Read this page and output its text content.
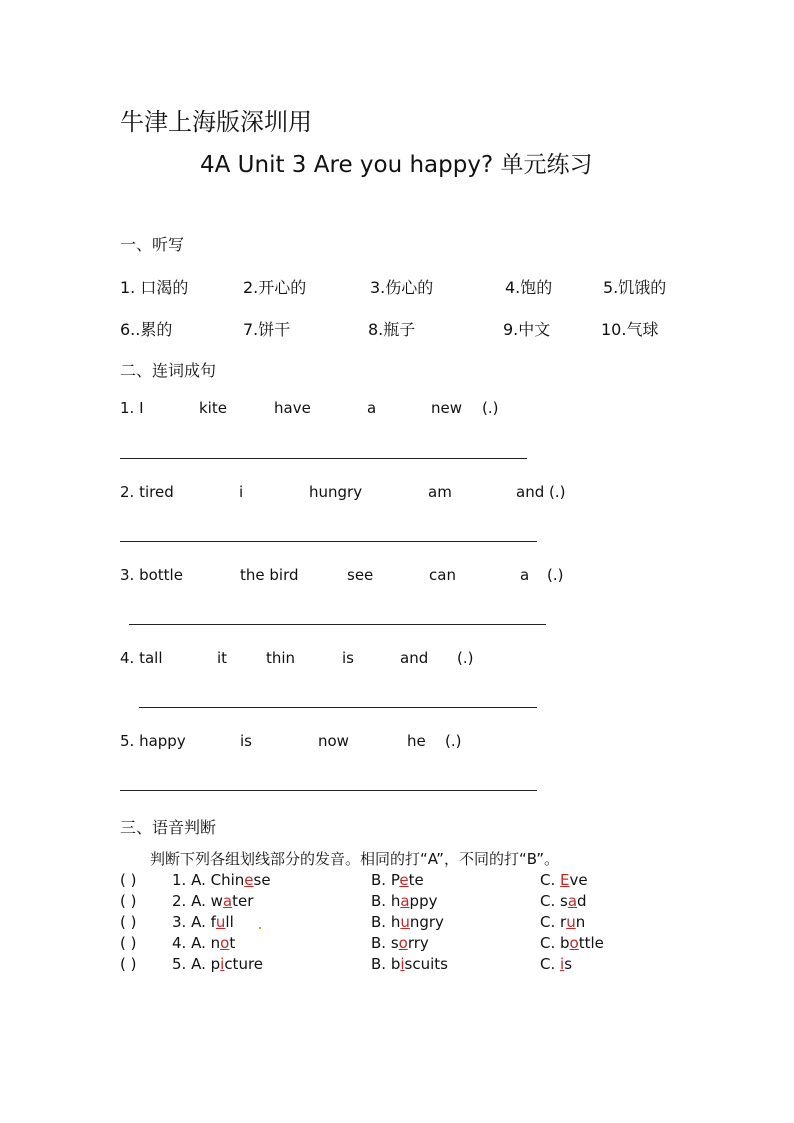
牛津上海版深圳用
4A Unit 3 Are you happy? 单元练习
一、听写
1. 口渴的	2.开心的	3.伤心的	4.饱的	5.饥饿的
6..累的	7.饼干	8.瓶子	9.中文	10.气球
二、连词成句
1. I	kite	have	a	new (.)
2. tired	i	hungry	am	and (.)
3. bottle	the bird	see	can	a (.)
4. tall	it	thin	is	and (.)
5. happy	is	now	he (.)
三、语音判断
判断下列各组划线部分的发音。相同的打“A”，不同的打“B”。
( ) 1. A. Chinese	B. Pete	C. Eve
( ) 2. A. water	B. happy	C. sad
( ) 3. A. full	B. hungry	C. run
( ) 4. A. not	B. sorry	C. bottle
( ) 5. A. picture	B. biscuits	C. is
